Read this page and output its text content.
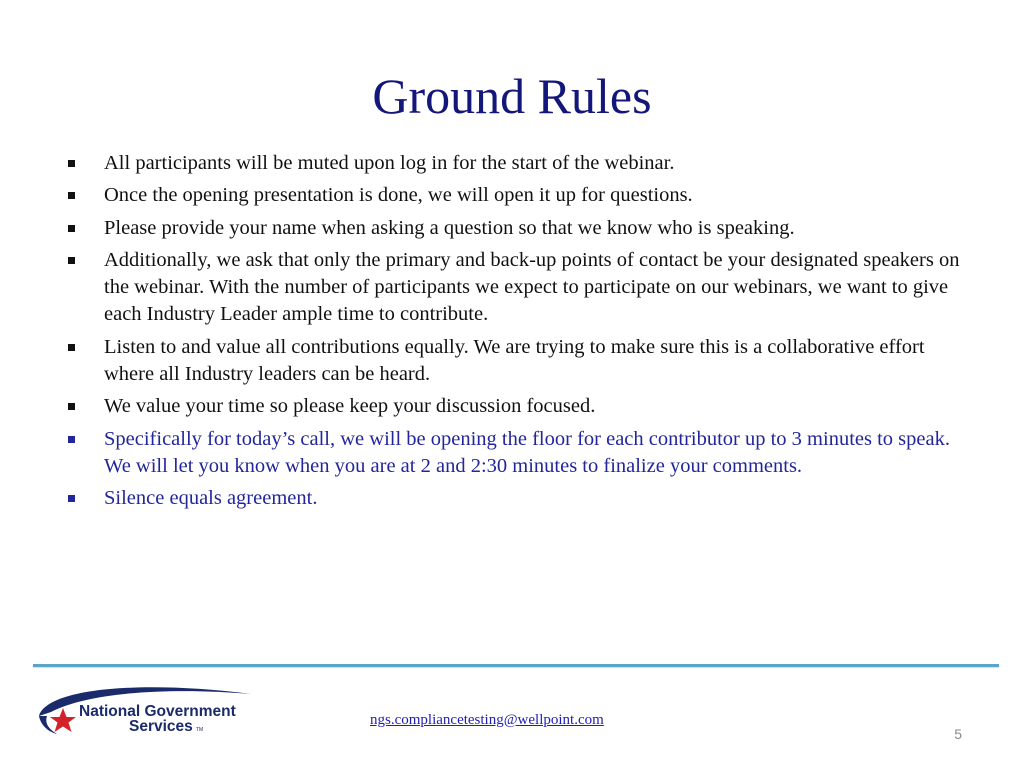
Ground Rules
All participants will be muted upon log in for the start of the webinar.
Once the opening presentation is done, we will open it up for questions.
Please provide your name when asking a question so that we know who is speaking.
Additionally, we ask that only the primary and back-up points of contact be your designated speakers on the webinar. With the number of participants we expect to participate on our webinars, we want to give each Industry Leader ample time to contribute.
Listen to and value all contributions equally. We are trying to make sure this is a collaborative effort where all Industry leaders can be heard.
We value your time so please keep your discussion focused.
Specifically for today’s call, we will be opening the floor for each contributor up to 3 minutes to speak. We will let you know when you are at 2 and 2:30 minutes to finalize your comments.
Silence equals agreement.
National Government
Services TM
ngs.compliancetesting@wellpoint.com
5
